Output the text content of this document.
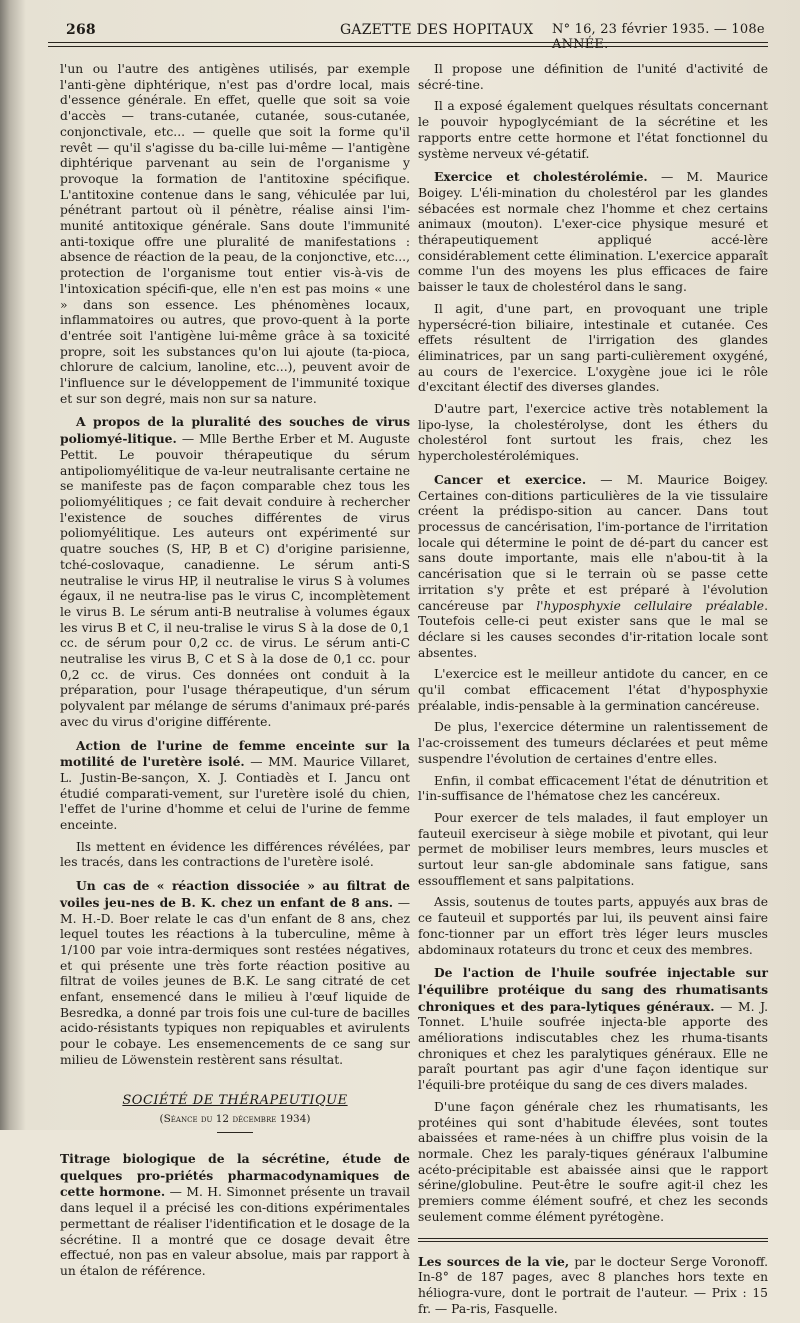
268	GAZETTE DES HOPITAUX N° 16, 23 février 1935. — 108e ANNÉE.

l'un ou l'autre des antigènes utilisés, par exemple l'anti-gène diphtérique, n'est pas d'ordre local, mais d'essence générale. En effet, quelle que soit sa voie d'accès — trans-cutanée, cutanée, sous-cutanée, conjonctivale, etc... — quelle que soit la forme qu'il revêt — qu'il s'agisse du ba-cille lui-même — l'antigène diphtérique parvenant au sein de l'organisme y provoque la formation de l'antitoxine spécifique. L'antitoxine contenue dans le sang, véhiculée par lui, pénétrant partout où il pénètre, réalise ainsi l'im-munité antitoxique générale. Sans doute l'immunité anti-toxique offre une pluralité de manifestations : absence de réaction de la peau, de la conjonctive, etc..., protection de l'organisme tout entier vis-à-vis de l'intoxication spécifi-que, elle n'en est pas moins « une » dans son essence. Les phénomènes locaux, inflammatoires ou autres, que provo-quent à la porte d'entrée soit l'antigène lui-même grâce à sa toxicité propre, soit les substances qu'on lui ajoute (ta-pioca, chlorure de calcium, lanoline, etc...), peuvent avoir de l'influence sur le développement de l'immunité toxique et sur son degré, mais non sur sa nature.

A propos de la pluralité des souches de virus poliomyé-litique. — Mlle Berthe Erber et M. Auguste Pettit. Le pouvoir thérapeutique du sérum antipoliomyélitique de va-leur neutralisante certaine ne se manifeste pas de façon comparable chez tous les poliomyélitiques ; ce fait devait conduire à rechercher l'existence de souches différentes de virus poliomyélitique. Les auteurs ont expérimenté sur quatre souches (S, HP, B et C) d'origine parisienne, tché-coslovaque, canadienne. Le sérum anti-S neutralise le virus HP, il neutralise le virus S à volumes égaux, il ne neutra-lise pas le virus C, incomplètement le virus B. Le sérum anti-B neutralise à volumes égaux les virus B et C, il neu-tralise le virus S à la dose de 0,1 cc. de sérum pour 0,2 cc. de virus. Le sérum anti-C neutralise les virus B, C et S à la dose de 0,1 cc. pour 0,2 cc. de virus. Ces données ont conduit à la préparation, pour l'usage thérapeutique, d'un sérum polyvalent par mélange de sérums d'animaux pré-parés avec du virus d'origine différente.

Action de l'urine de femme enceinte sur la motilité de l'uretère isolé. — MM. Maurice Villaret, L. Justin-Be-sançon, X. J. Contiadès et I. Jancu ont étudié comparati-vement, sur l'uretère isolé du chien, l'effet de l'urine d'homme et celui de l'urine de femme enceinte.

Ils mettent en évidence les différences révélées, par les tracés, dans les contractions de l'uretère isolé.

Un cas de « réaction dissociée » au filtrat de voiles jeu-nes de B. K. chez un enfant de 8 ans. — M. H.-D. Boer relate le cas d'un enfant de 8 ans, chez lequel toutes les réactions à la tuberculine, même à 1/100 par voie intra-dermiques sont restées négatives, et qui présente une très forte réaction positive au filtrat de voiles jeunes de B.K. Le sang citraté de cet enfant, ensemencé dans le milieu à l'œuf liquide de Besredka, a donné par trois fois une cul-ture de bacilles acido-résistants typiques non repiquables et avirulents pour le cobaye. Les ensemencements de ce sang sur milieu de Löwenstein restèrent sans résultat.

SOCIÉTÉ DE THÉRAPEUTIQUE
(Séance du 12 décembre 1934)

Titrage biologique de la sécrétine, étude de quelques pro-priétés pharmacodynamiques de cette hormone. — M. H. Simonnet présente un travail dans lequel il a précisé les con-ditions expérimentales permettant de réaliser l'identification et le dosage de la sécrétine. Il a montré que ce dosage devait être effectué, non pas en valeur absolue, mais par rapport à un étalon de référence.

Il propose une définition de l'unité d'activité de sécré-tine.

Il a exposé également quelques résultats concernant le pouvoir hypoglycémiant de la sécrétine et les rapports entre cette hormone et l'état fonctionnel du système nerveux vé-gétatif.

Exercice et cholestérolémie. — M. Maurice Boigey. L'éli-mination du cholestérol par les glandes sébacées est normale chez l'homme et chez certains animaux (mouton). L'exer-cice physique mesuré et thérapeutiquement appliqué accé-lère considérablement cette élimination. L'exercice apparaît comme l'un des moyens les plus efficaces de faire baisser le taux de cholestérol dans le sang.

Il agit, d'une part, en provoquant une triple hypersécré-tion biliaire, intestinale et cutanée. Ces effets résultent de l'irrigation des glandes éliminatrices, par un sang parti-culièrement oxygéné, au cours de l'exercice. L'oxygène joue ici le rôle d'excitant électif des diverses glandes.

D'autre part, l'exercice active très notablement la lipo-lyse, la cholestérolyse, dont les éthers du cholestérol font surtout les frais, chez les hypercholestérolémiques.

Cancer et exercice. — M. Maurice Boigey. Certaines con-ditions particulières de la vie tissulaire créent la prédispo-sition au cancer. Dans tout processus de cancérisation, l'im-portance de l'irritation locale qui détermine le point de dé-part du cancer est sans doute importante, mais elle n'abou-tit à la cancérisation que si le terrain où se passe cette irritation s'y prête et est préparé à l'évolution cancéreuse par l'hyposphyxie cellulaire préalable. Toutefois celle-ci peut exister sans que le mal se déclare si les causes secondes d'ir-ritation locale sont absentes.

L'exercice est le meilleur antidote du cancer, en ce qu'il combat efficacement l'état d'hyposphyxie préalable, indis-pensable à la germination cancéreuse.

De plus, l'exercice détermine un ralentissement de l'ac-croissement des tumeurs déclarées et peut même suspendre l'évolution de certaines d'entre elles.

Enfin, il combat efficacement l'état de dénutrition et l'in-suffisance de l'hématose chez les cancéreux.

Pour exercer de tels malades, il faut employer un fauteuil exerciseur à siège mobile et pivotant, qui leur permet de mobiliser leurs membres, leurs muscles et surtout leur san-gle abdominale sans fatigue, sans essoufflement et sans palpitations.

Assis, soutenus de toutes parts, appuyés aux bras de ce fauteuil et supportés par lui, ils peuvent ainsi faire fonc-tionner par un effort très léger leurs muscles abdominaux rotateurs du tronc et ceux des membres.

De l'action de l'huile soufrée injectable sur l'équilibre protéique du sang des rhumatisants chroniques et des para-lytiques généraux. — M. J. Tonnet. L'huile soufrée injecta-ble apporte des améliorations indiscutables chez les rhuma-tisants chroniques et chez les paralytiques généraux. Elle ne paraît pourtant pas agir d'une façon identique sur l'équili-bre protéique du sang de ces divers malades.

D'une façon générale chez les rhumatisants, les protéines qui sont d'habitude élevées, sont toutes abaissées et rame-nées à un chiffre plus voisin de la normale. Chez les paraly-tiques généraux l'albumine acéto-précipitable est abaissée ainsi que le rapport sérine/globuline. Peut-être le soufre agit-il chez les premiers comme élément soufré, et chez les seconds seulement comme élément pyrétogène.

Les sources de la vie, par le docteur Serge Voronoff. In-8° de 187 pages, avec 8 planches hors texte en héliogra-vure, dont le portrait de l'auteur. — Prix : 15 fr. — Pa-ris, Fasquelle.
